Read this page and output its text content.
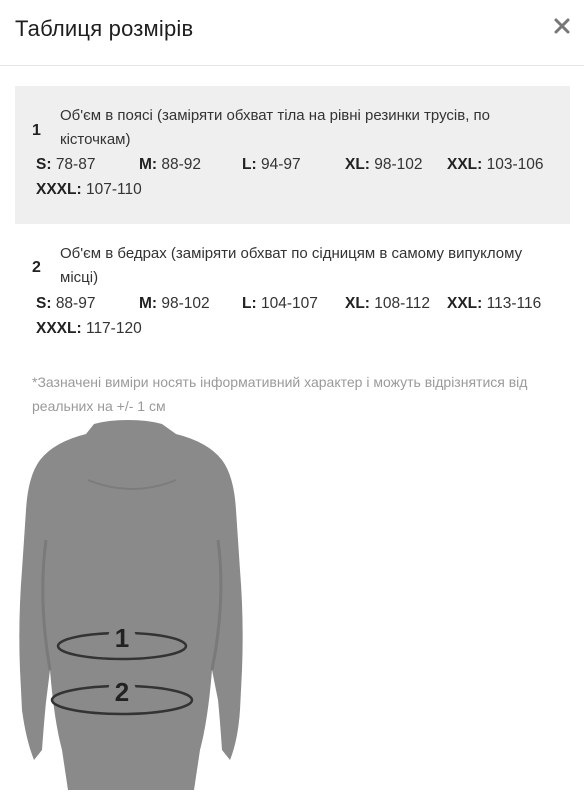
Таблиця розмірів
1
Об'єм в поясі (заміряти обхват тіла на рівні резинки трусів, по кісточкам)
S: 78-87	M: 88-92	L: 94-97	XL: 98-102 XXL: 103-106
XXXL: 107-110
2
Об'єм в бедрах (заміряти обхват по сідницям в самому випуклому місці)
S: 88-97	M: 98-102 L: 104-107 XL: 108-112 XXL: 113-116
XXXL: 117-120
*Зазначені виміри носять інформативний характер і можуть відрізнятися від реальних на +/- 1 см
1
2
